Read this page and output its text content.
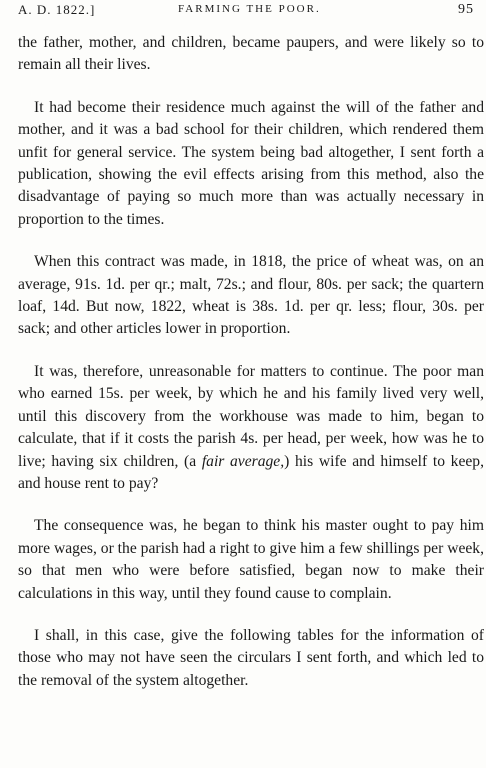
A. D. 1822.]	FARMING THE POOR.	95

the father, mother, and children, became paupers, and were likely so to remain all their lives.

It had become their residence much against the will of the father and mother, and it was a bad school for their children, which rendered them unfit for general service. The system being bad altogether, I sent forth a publication, showing the evil effects arising from this method, also the disadvantage of paying so much more than was actually necessary in proportion to the times.

When this contract was made, in 1818, the price of wheat was, on an average, 91s. 1d. per qr.; malt, 72s.; and flour, 80s. per sack; the quartern loaf, 14d. But now, 1822, wheat is 38s. 1d. per qr. less; flour, 30s. per sack; and other articles lower in proportion.

It was, therefore, unreasonable for matters to continue. The poor man who earned 15s. per week, by which he and his family lived very well, until this discovery from the workhouse was made to him, began to calculate, that if it costs the parish 4s. per head, per week, how was he to live; having six children, (a fair average,) his wife and himself to keep, and house rent to pay?

The consequence was, he began to think his master ought to pay him more wages, or the parish had a right to give him a few shillings per week, so that men who were before satisfied, began now to make their calculations in this way, until they found cause to complain.

I shall, in this case, give the following tables for the information of those who may not have seen the circulars I sent forth, and which led to the removal of the system altogether.
